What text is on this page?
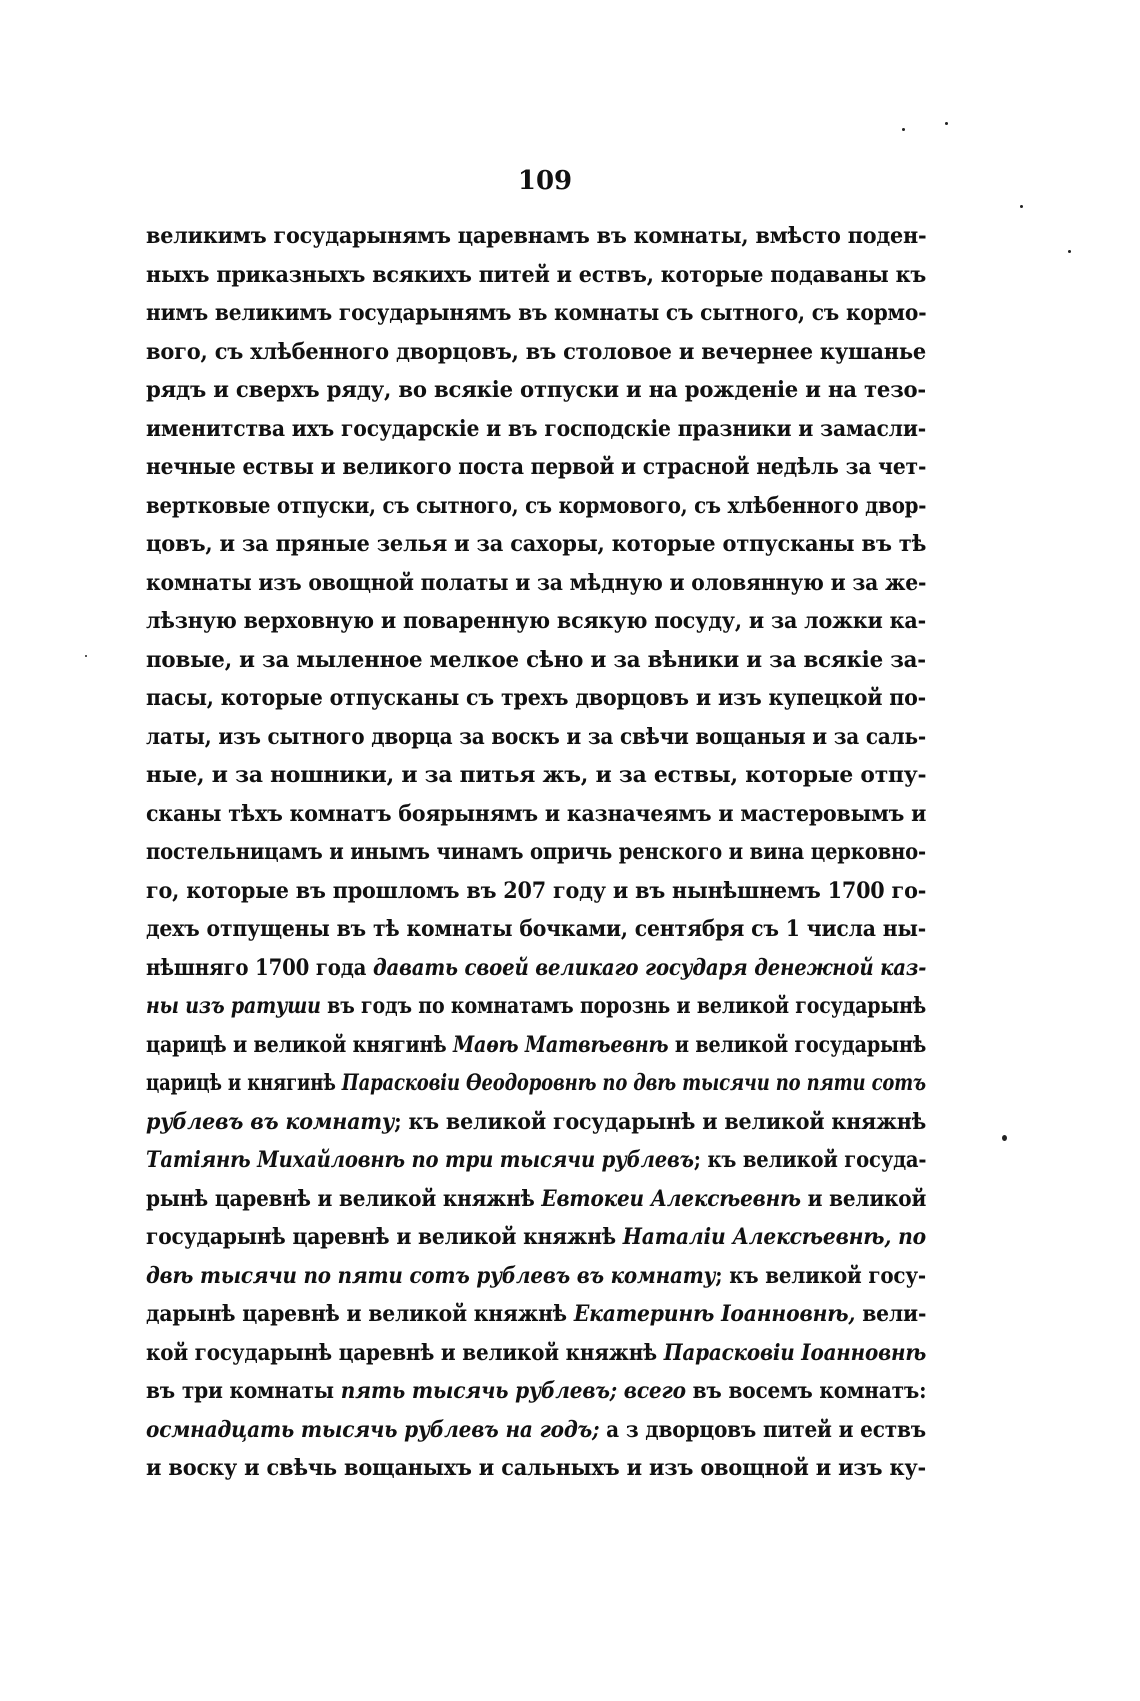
109
великимъ государынямъ царевнамъ въ комнаты, вмѣсто поден-
ныхъ приказныхъ всякихъ питей и ествъ, которые подаваны къ
нимъ великимъ государынямъ въ комнаты съ сытного, съ кормо-
вого, съ хлѣбенного дворцовъ, въ столовое и вечернее кушанье
рядъ и сверхъ ряду, во всякіе отпуски и на рожденіе и на тезо-
именитства ихъ государскіе и въ господскіе празники и замасли-
нечные ествы и великого поста первой и страсной недѣль за чет-
вертковые отпуски, съ сытного, съ кормового, съ хлѣбенного двор-
цовъ, и за пряные зелья и за сахоры, которые отпусканы въ тѣ
комнаты изъ овощной полаты и за мѣдную и оловянную и за же-
лѣзную верховную и поваренную всякую посуду, и за ложки ка-
повые, и за мыленное мелкое сѣно и за вѣники и за всякіе за-
пасы, которые отпусканы съ трехъ дворцовъ и изъ купецкой по-
латы, изъ сытного дворца за воскъ и за свѣчи вощаныя и за саль-
ные, и за ношники, и за питья жъ, и за ествы, которые отпу-
сканы тѣхъ комнатъ боярынямъ и казначеямъ и мастеровымъ и
постельницамъ и инымъ чинамъ опричь ренского и вина церковно-
го, которые въ прошломъ въ 207 году и въ нынѣшнемъ 1700 го-
дехъ отпущены въ тѣ комнаты бочками, сентября съ 1 числа ны-
нѣшняго 1700 года давать своей великаго государя денежной каз-
ны изъ ратуши въ годъ по комнатамъ порознь и великой государынѣ
царицѣ и великой княгинѣ Маѳѣ Матвѣевнѣ и великой государынѣ
царицѣ и княгинѣ Парасковіи Ѳеодоровнѣ по двѣ тысячи по пяти сотъ
рублевъ въ комнату; къ великой государынѣ и великой княжнѣ
Татіянѣ Михайловнѣ по три тысячи рублевъ; къ великой госуда-
рынѣ царевнѣ и великой княжнѣ Евтокеи Алексѣевнѣ и великой
государынѣ царевнѣ и великой княжнѣ Наталіи Алексѣевнѣ, по
двѣ тысячи по пяти сотъ рублевъ въ комнату; къ великой госу-
дарынѣ царевнѣ и великой княжнѣ Екатеринѣ Іоанновнѣ, вели-
кой государынѣ царевнѣ и великой княжнѣ Парасковіи Іоанновнѣ
въ три комнаты пять тысячь рублевъ; всего въ восемъ комнатъ:
осмнадцать тысячь рублевъ на годъ; а з дворцовъ питей и ествъ
и воску и свѣчь вощаныхъ и сальныхъ и изъ овощной и изъ ку-
